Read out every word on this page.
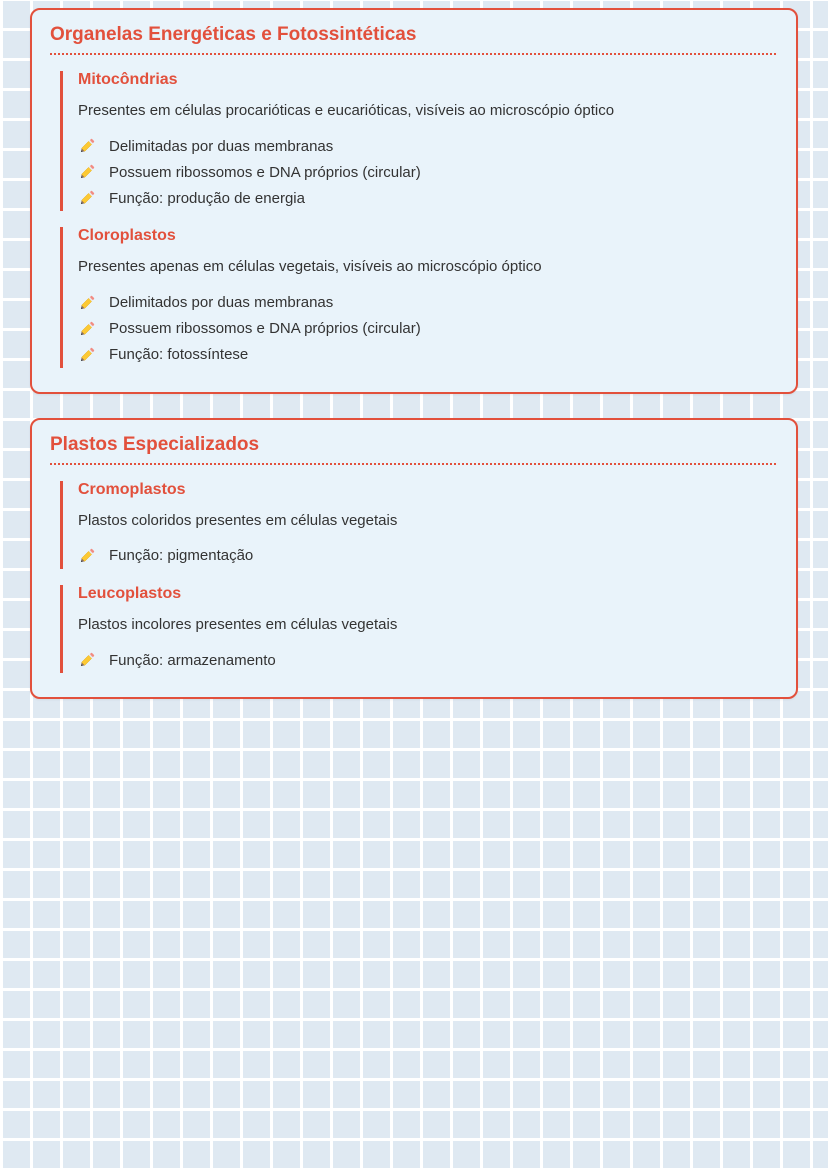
Organelas Energéticas e Fotossintéticas
Mitocôndrias

Presentes em células procarióticas e eucarióticas, visíveis ao microscópio óptico

Delimitadas por duas membranas
Possuem ribossomos e DNA próprios (circular)
Função: produção de energia
Cloroplastos

Presentes apenas em células vegetais, visíveis ao microscópio óptico

Delimitados por duas membranas
Possuem ribossomos e DNA próprios (circular)
Função: fotossíntese
Plastos Especializados
Cromoplastos

Plastos coloridos presentes em células vegetais

Função: pigmentação
Leucoplastos

Plastos incolores presentes em células vegetais

Função: armazenamento
